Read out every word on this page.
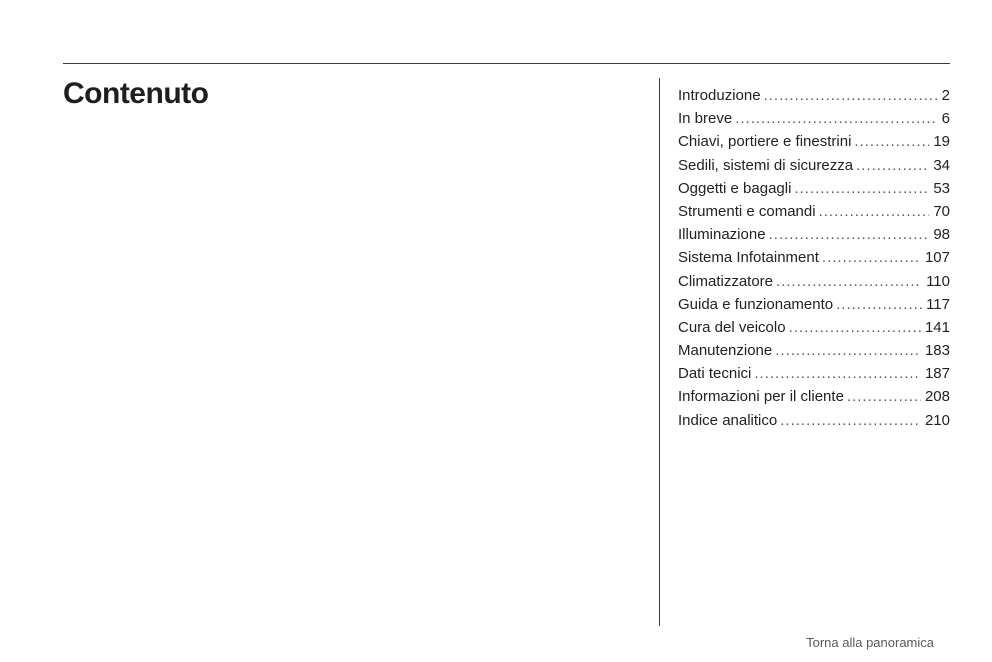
Contenuto	Introduzione .....	2
In breve .....	6
Chiavi, portiere e finestrini .....	19
Sedili, sistemi di sicurezza .....	34
Oggetti e bagagli .....	53
Strumenti e comandi .....	70
Illuminazione .....	98
Sistema Infotainment .....	107
Climatizzatore .....	110
Guida e funzionamento .....	117
Cura del veicolo .....	141
Manutenzione .....	183
Dati tecnici .....	187
Informazioni per il cliente .....	208
Indice analitico .....	210
Torna alla panoramica
